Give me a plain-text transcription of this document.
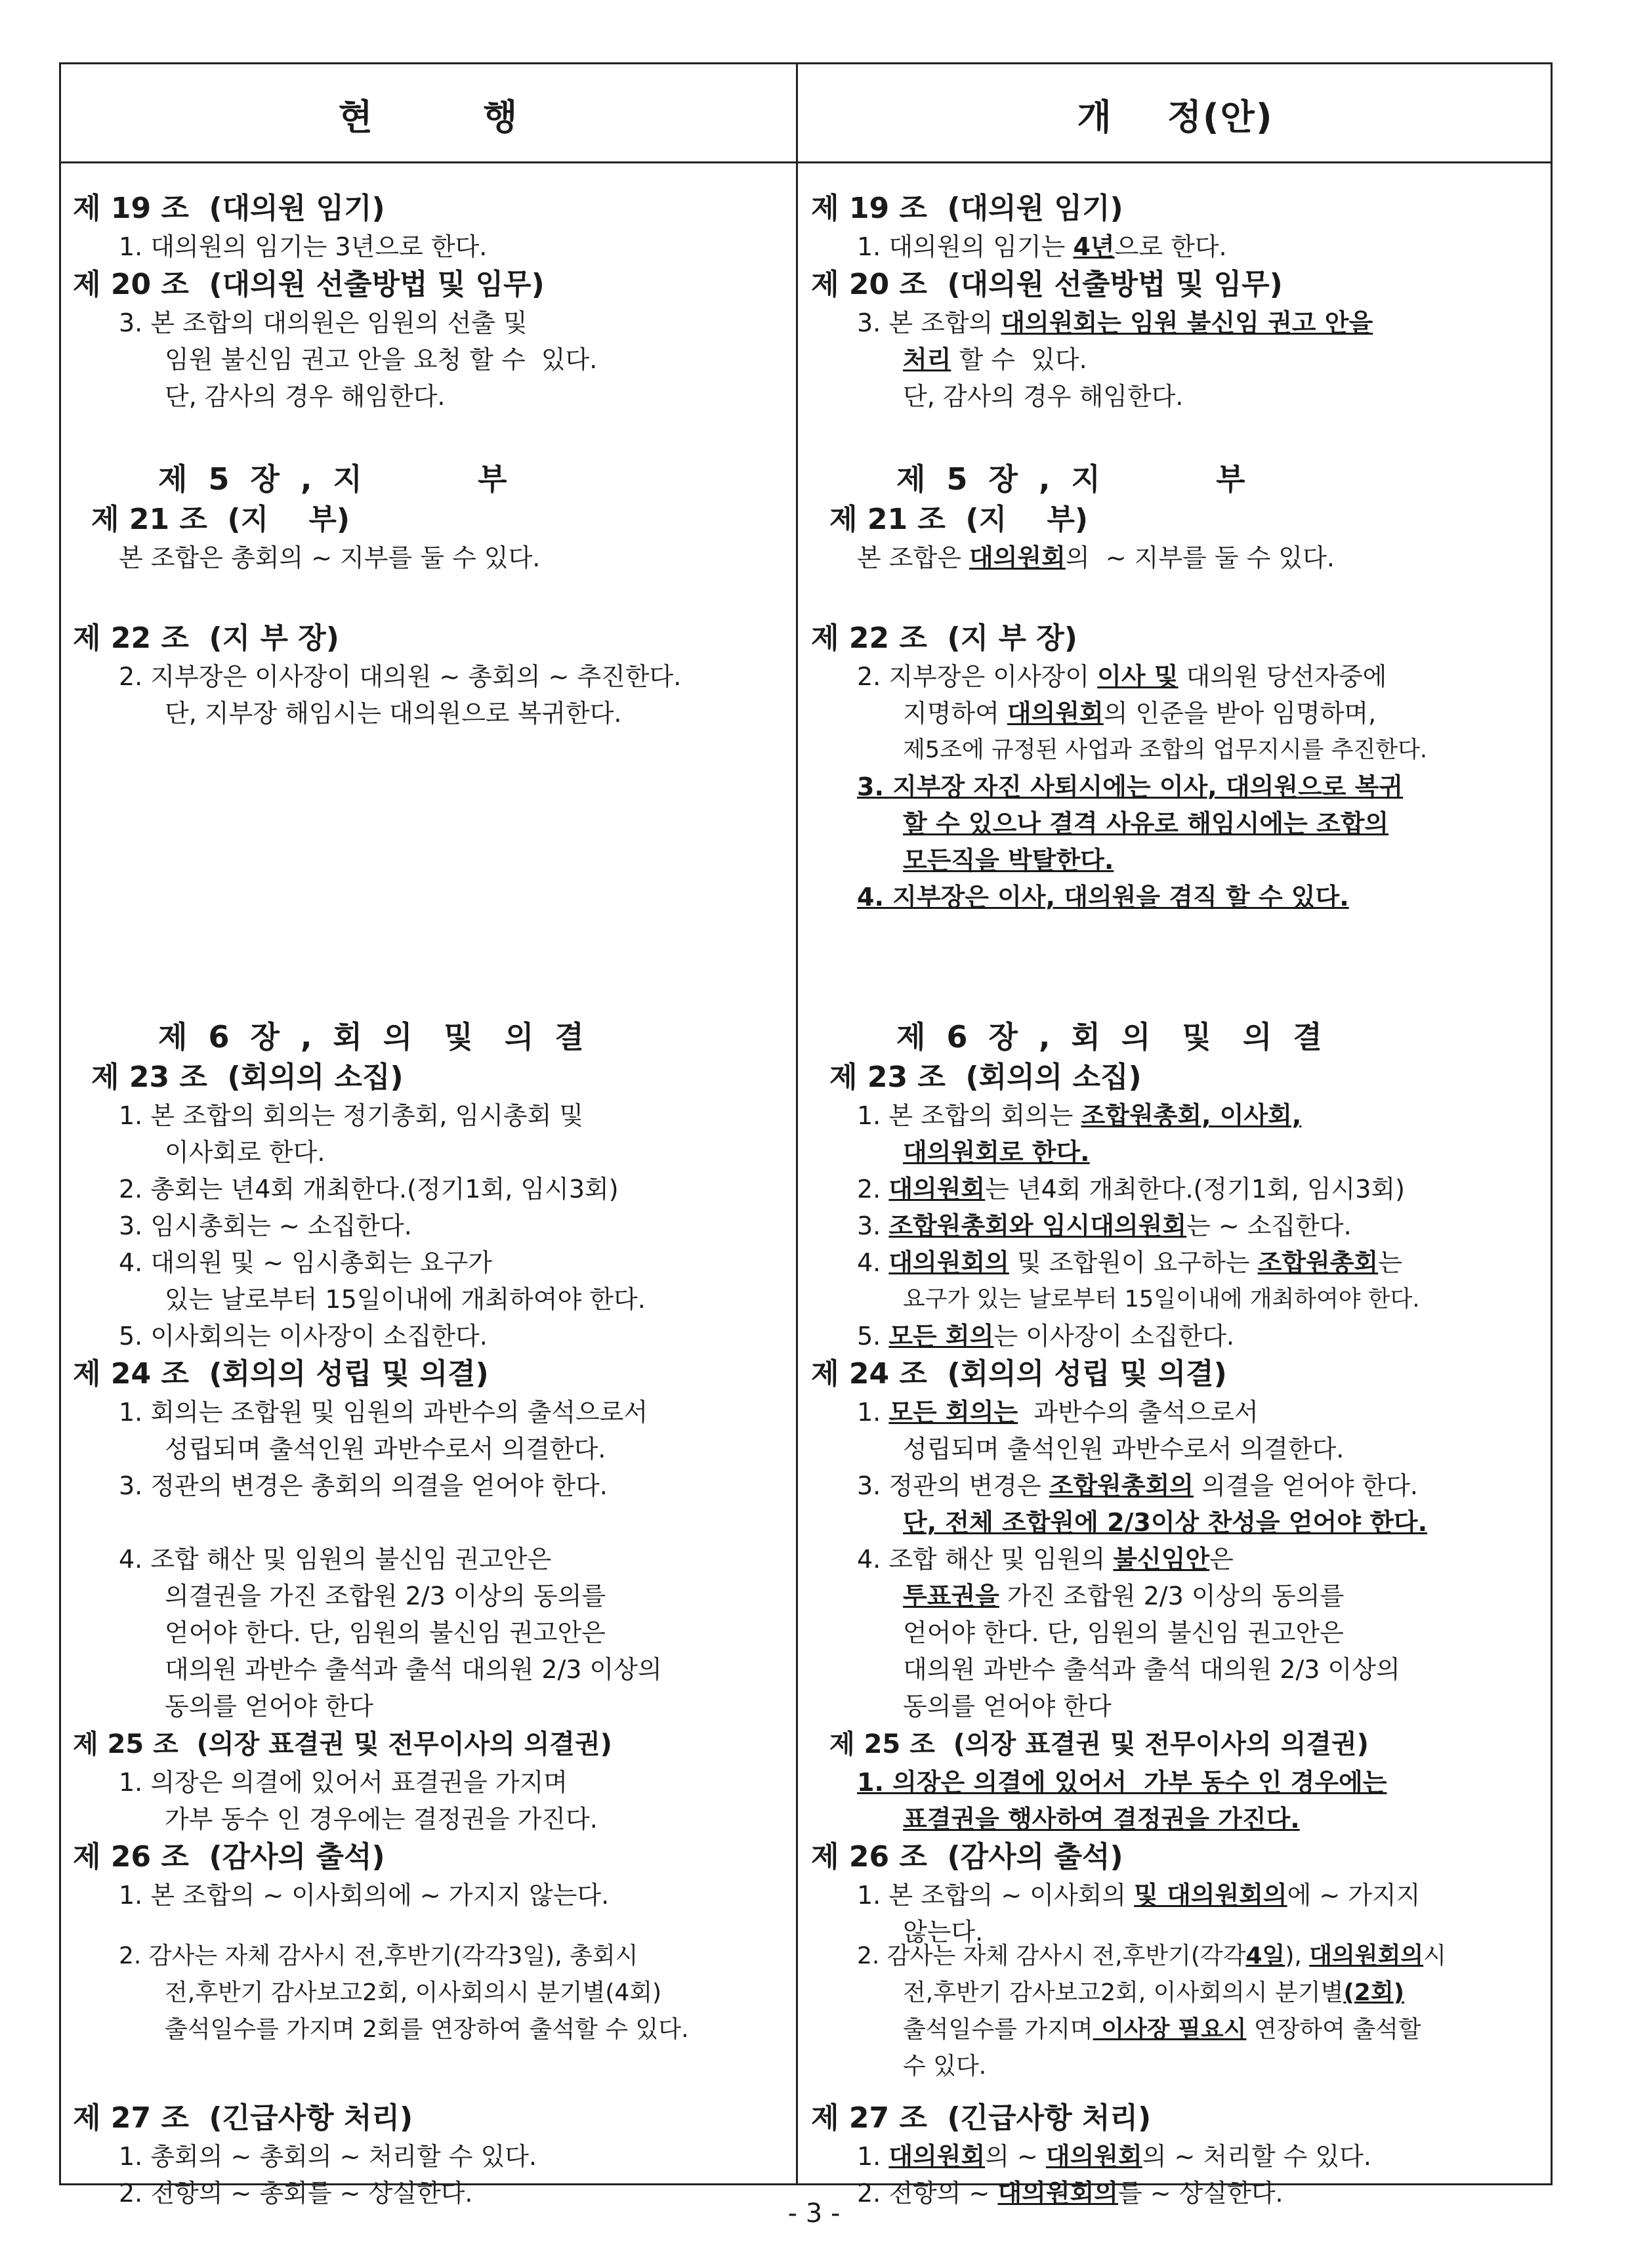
현        행	개    정(안)

제 19 조  (대의원 임기)

1. 대의원의 임기는 3년으로 한다.

제 20 조  (대의원 선출방법 및 임무)

3. 본 조합의 대의원은 임원의 선출 및

임원 불신임 권고 안을 요청 할 수  있다.

단, 감사의 경우 해임한다.

제  5  장  ,  지           부

제 21 조  (지    부)

본 조합은 총회의 ~ 지부를 둘 수 있다.

제 22 조  (지 부 장)

2. 지부장은 이사장이 대의원 ~ 총회의 ~ 추진한다.

단, 지부장 해임시는 대의원으로 복귀한다.

제  6  장  ,  회  의   및   의  결

제 23 조  (회의의 소집)

1. 본 조합의 회의는 정기총회, 임시총회 및

이사회로 한다.

2. 총회는 년4회 개최한다.(정기1회, 임시3회)

3. 임시총회는 ~ 소집한다.

4. 대의원 및 ~ 임시총회는 요구가

있는 날로부터 15일이내에 개최하여야 한다.

5. 이사회의는 이사장이 소집한다.

제 24 조  (회의의 성립 및 의결)

1. 회의는 조합원 및 임원의 과반수의 출석으로서

성립되며 출석인원 과반수로서 의결한다.

3. 정관의 변경은 총회의 의결을 얻어야 한다.

4. 조합 해산 및 임원의 불신임 권고안은

의결권을 가진 조합원 2/3 이상의 동의를

얻어야 한다. 단, 임원의 불신임 권고안은

대의원 과반수 출석과 출석 대의원 2/3 이상의

동의를 얻어야 한다

제 25 조  (의장 표결권 및 전무이사의 의결권)

1. 의장은 의결에 있어서 표결권을 가지며

가부 동수 인 경우에는 결정권을 가진다.

제 26 조  (감사의 출석)

1. 본 조합의 ~ 이사회의에 ~ 가지지 않는다.

2. 감사는 자체 감사시 전,후반기(각각3일), 총회시

전,후반기 감사보고2회, 이사회의시 분기별(4회)

출석일수를 가지며 2회를 연장하여 출석할 수 있다.

제 27 조  (긴급사항 처리)

1. 총회의 ~ 총회의 ~ 처리할 수 있다.

2. 전항의 ~ 총회를 ~ 상실한다.

제 19 조  (대의원 임기)

1. 대의원의 임기는 4년으로 한다.

제 20 조  (대의원 선출방법 및 임무)

3. 본 조합의 대의원회는 임원 불신임 권고 안을

처리 할 수  있다.

단, 감사의 경우 해임한다.

제  5  장  ,  지           부

제 21 조  (지    부)

본 조합은 대의원회의  ~ 지부를 둘 수 있다.

제 22 조  (지 부 장)

2. 지부장은 이사장이 이사 및 대의원 당선자중에

지명하여 대의원회의 인준을 받아 임명하며,

제5조에 규정된 사업과 조합의 업무지시를 추진한다.

3. 지부장 자진 사퇴시에는 이사, 대의원으로 복귀

할 수 있으나 결격 사유로 해임시에는 조합의

모든직을 박탈한다.

4. 지부장은 이사, 대의원을 겸직 할 수 있다.

제  6  장  ,  회  의   및   의  결

제 23 조  (회의의 소집)

1. 본 조합의 회의는 조합원총회, 이사회,

대의원회로 한다.

2. 대의원회는 년4회 개최한다.(정기1회, 임시3회)

3. 조합원총회와 임시대의원회는 ~ 소집한다.

4. 대의원회의 및 조합원이 요구하는 조합원총회는

요구가 있는 날로부터 15일이내에 개최하여야 한다.

5. 모든 회의는 이사장이 소집한다.

제 24 조  (회의의 성립 및 의결)

1. 모든 회의는  과반수의 출석으로서

성립되며 출석인원 과반수로서 의결한다.

3. 정관의 변경은 조합원총회의 의결을 얻어야 한다.

단, 전체 조합원에 2/3이상 찬성을 얻어야 한다.

4. 조합 해산 및 임원의 불신임안은

투표권을 가진 조합원 2/3 이상의 동의를

얻어야 한다. 단, 임원의 불신임 권고안은

대의원 과반수 출석과 출석 대의원 2/3 이상의

동의를 얻어야 한다

제 25 조  (의장 표결권 및 전무이사의 의결권)

1. 의장은 의결에 있어서  가부 동수 인 경우에는

표결권을 행사하여 결정권을 가진다.

제 26 조  (감사의 출석)

1. 본 조합의 ~ 이사회의 및 대의원회의에 ~ 가지지

않는다.

2. 감사는 자체 감사시 전,후반기(각각4일), 대의원회의시

전,후반기 감사보고2회, 이사회의시 분기별(2회)

출석일수를 가지며 이사장 필요시 연장하여 출석할

수 있다.

제 27 조  (긴급사항 처리)

1. 대의원회의 ~ 대의원회의 ~ 처리할 수 있다.

2. 전항의 ~ 대의원회의를 ~ 상실한다.

- 3 -
